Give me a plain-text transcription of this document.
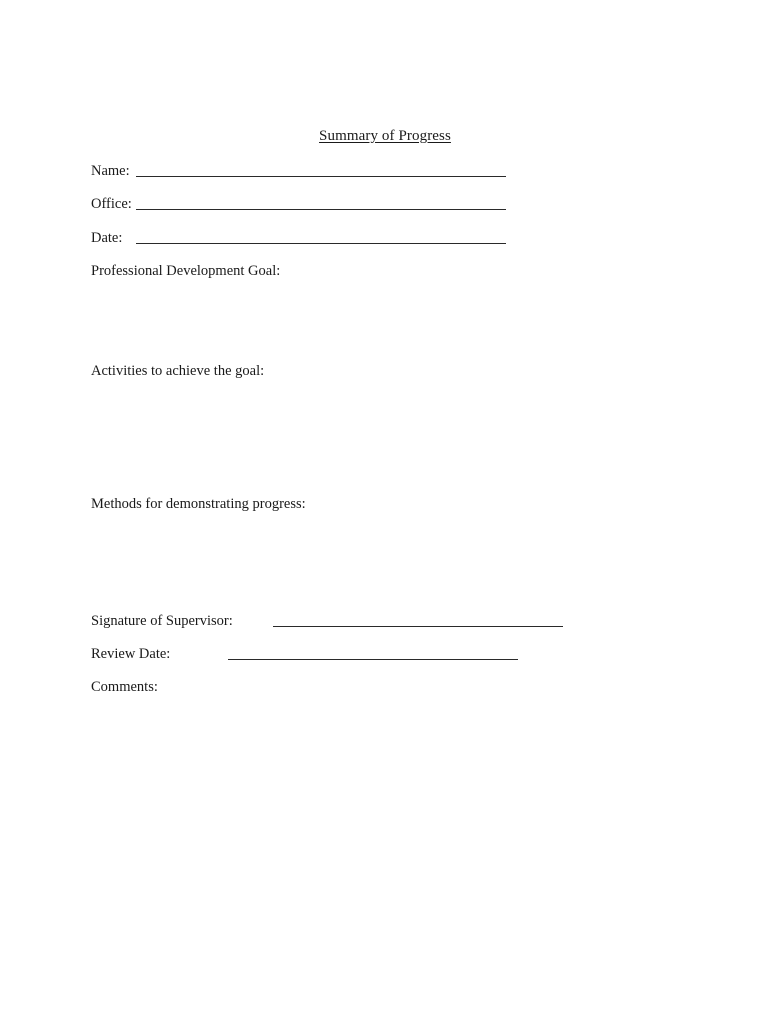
Summary of Progress
Name:
Office:
Date:
Professional Development Goal:
Activities to achieve the goal:
Methods for demonstrating progress:
Signature of Supervisor:
Review Date:
Comments:
